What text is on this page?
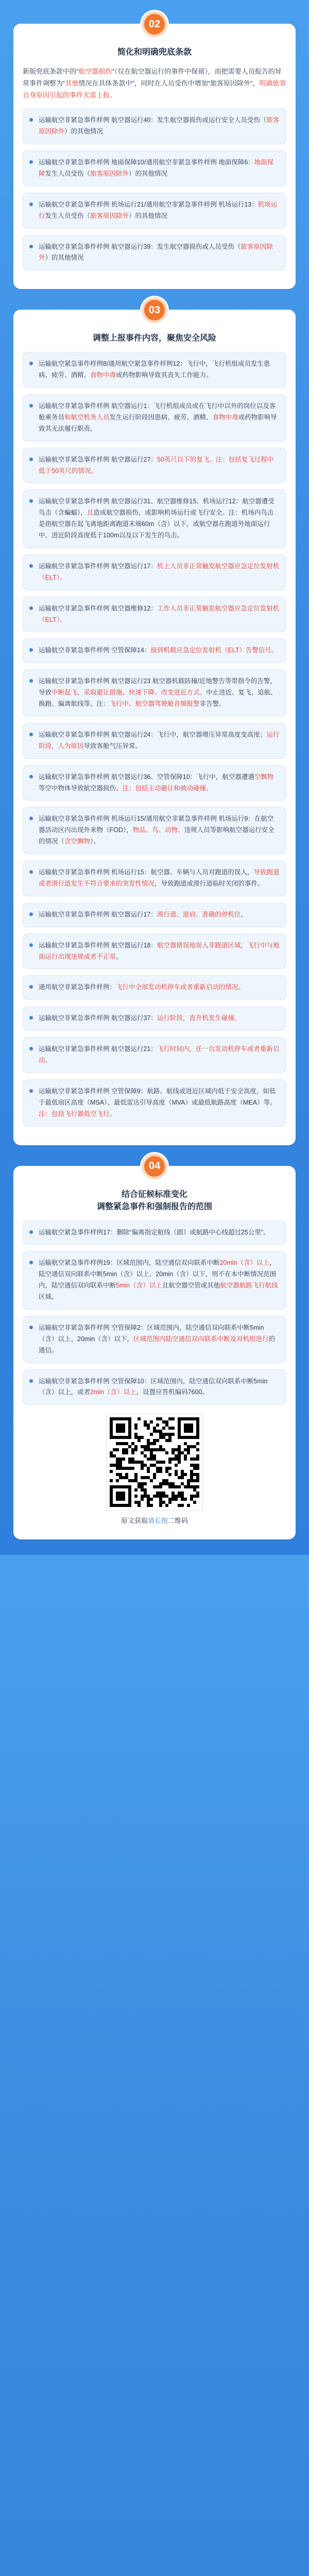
02
简化和明确兜底条款

新版兜底条款中的“航空器损伤”（仅在航空器运行的事件中保留），而把需要人员报告的异常事件调整为“其他情况在具体条款中”，同时在人员受伤中增加“旅客原因除外”，明确旅客自身原因引起的事件无需上报。

运输航空非紧急事件样例 航空器运行40：发生航空器损伤或运行安全人员受伤（旅客原因除外）的其他情况

运输航空非紧急事件样例 地面保障10/通用航空非紧急事件样例 地面保障6：地面保障发生人员受伤（旅客原因除外）的其他情况

运输航空非紧急事件样例 机场运行21/通用航空非紧急事件样例 机场运行13：机场运行发生人员受伤（旅客原因除外）的其他情况

运输航空非紧急事件样例 航空器运行39：发生航空器损伤或人员受伤（旅客原因除外）的其他情况

03
调整上报事件内容，聚焦安全风险

运输航空紧急事件样例8/通用航空紧急事件样例12：飞行中，飞行机组成员发生患病、疲劳、酒精、食物中毒或药物影响导致其丧失工作能力。

运输航空非紧急事件样例 航空器运行1：飞行机组成员或在飞行中以外的岗位以及客舱乘务员和航空机务人员发生运行阶段因患病、疲劳、酒精、食物中毒或药物影响导致其无法履行职责。

运输航空非紧急事件样例 航空器运行27：50英尺以下的复飞。注：包括复飞过程中低于50英尺的情况。

运输航空非紧急事件样例 航空器运行31、航空器维修15、机场运行12：航空器遭受鸟击（含蝙蝠），且造成航空器损伤，或影响机场运行或飞行安全。注：机场内鸟击是指航空器在起飞离地距离跑道末端60m（含）以下，或航空器在跑道外地面运行中、进近阶段高度低于100m以及以下发生的鸟击。

运输航空非紧急事件样例 航空器运行17：机上人员非正常触发航空器应急定位发射机（ELT）。

运输航空非紧急事件样例 航空器维修12：工作人员非正常触发航空器应急定位发射机（ELT）。

运输航空非紧急事件样例 空管保障14：接到机载应急定位发射机（ELT）告警信号。

运输航空非紧急事件样例 航空器运行23 航空器机载防撞/近地警告等带指令的告警，导致中断起飞、采取避让措施、快速下降、改变进近方式、中止进近、复飞、追航、换跑、偏离航线等。注：飞行中、航空器驾驶舱音频报警非告警。

运输航空非紧急事件样例 航空器运行24：飞行中，航空器增压异常高度变高度；运行阶段，人为原因导致客舱气压异常。

运输航空非紧急事件样例 航空器运行36、空管保障10：飞行中，航空器遭遇空飘物等空中物体导致航空器损伤。注：包括主动避让和被动碰撞。

运输航空非紧急事件样例 机场运行15/通用航空非紧急事件样例 机场运行9：在航空器活动区内出现外来物（FOD），物品、鸟、动物、违规人员等影响航空器运行安全的情况（含空飘物）。

运输航空非紧急事件样例 机场运行15：航空器、车辆与人员对跑道的误入，导致跑道或者滑行道发生不符合要求的突发性情况，导致跑道或滑行道临时关闭的事件。

运输航空非紧急事件样例 航空器运行17：滑行道、道肩、准确的停机位。

运输航空非紧急事件样例 航空器运行18：航空器错误地误入非跑道区域，飞行中与地面运行出现违规或者不正常。

通用航空非紧急事件样例：飞行中全部发动机停车或者重新启动的情况。

运输航空非紧急事件样例 航空器运行37：运行阶段，直升机发生碰撞。

运输航空非紧急事件样例 航空器运行21：飞行时间内，任一台发动机停车或者重新启动。

运输航空非紧急事件样例 空管保障9：航路、航线或进近区域内低于安全高度，如低于最低扇区高度（MSA）、最低雷达引导高度（MVA）或最低航路高度（MEA）等。注：包括飞行器低空飞行。

04
结合征候标准变化
调整紧急事件和强制报告的范围

运输航空紧急事件样例17：删除“偏离指定航线（剧）或航路中心线超过25公里”。

运输航空紧急事件样例19：区域范围内，陆空通信双向联系中断20min（含）以上，陆空通信双向联系中断5min（含）以上、20min（含）以下，则不在本中断情况范围内，陆空通信双向联系中断5min（含）以上且航空器空管或其他航空器航路飞行航线区域。

运输航空非紧急事件样例 空管保障2：区域范围内，陆空通信双向联系中断5min（含）以上、20min（含）以下，区域范围内陆空通信双向联系中断及对机组进行的通信。

运输航空非紧急事件样例 空管保障10：区域范围内，陆空通信双向联系中断5min（含）以上，或者2min（含）以上，设置应答机编码7600。

原文获取请长按二维码
